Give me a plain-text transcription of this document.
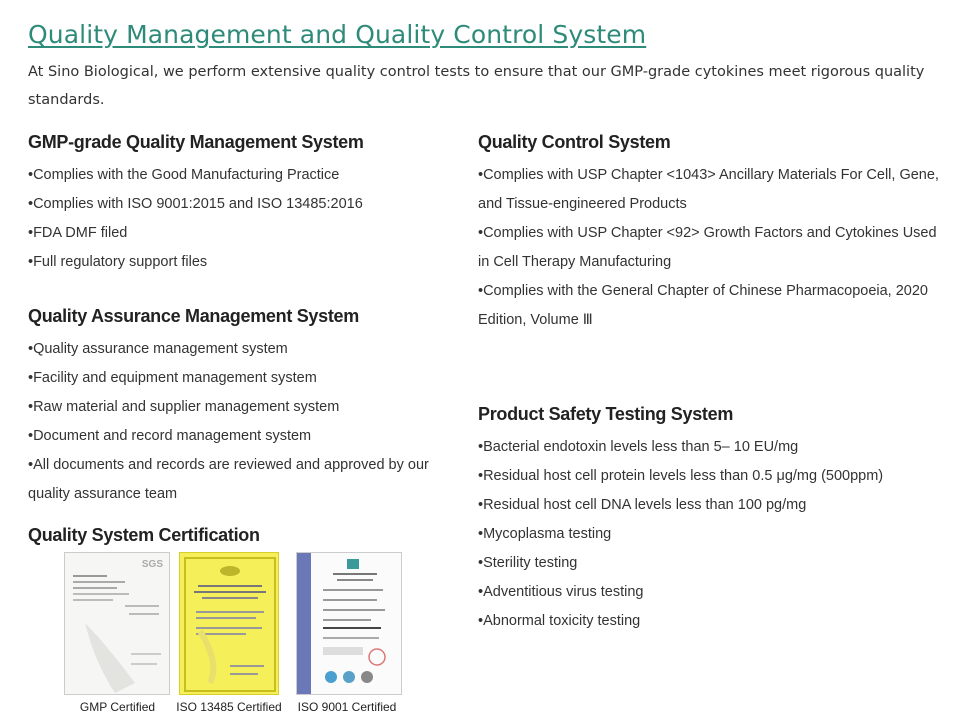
Quality Management and Quality Control System

At Sino Biological, we perform extensive quality control tests to ensure that our GMP-grade cytokines meet rigorous quality standards.

GMP-grade Quality Management System
• Complies with the Good Manufacturing Practice
• Complies with ISO 9001:2015 and ISO 13485:2016
• FDA DMF filed
• Full regulatory support files
Quality Assurance Management System
• Quality assurance management system
• Facility and equipment management system
• Raw material and supplier management system
• Document and record management system
• All documents and records are reviewed and approved by our quality assurance team
Quality System Certification
SGS
GMP Certified	ISO 13485 Certified	ISO 9001 Certified
Quality Control System
• Complies with USP Chapter <1043> Ancillary Materials For Cell, Gene, and Tissue-engineered Products
• Complies with USP Chapter <92> Growth Factors and Cytokines Used in Cell Therapy Manufacturing
• Complies with the General Chapter of Chinese Pharmacopoeia, 2020 Edition, Volume Ⅲ
Product Safety Testing System
• Bacterial endotoxin levels less than 5– 10 EU/mg
• Residual host cell protein levels less than 0.5 μg/mg (500ppm)
• Residual host cell DNA levels less than 100 pg/mg
• Mycoplasma testing
• Sterility testing
• Adventitious virus testing
• Abnormal toxicity testing
